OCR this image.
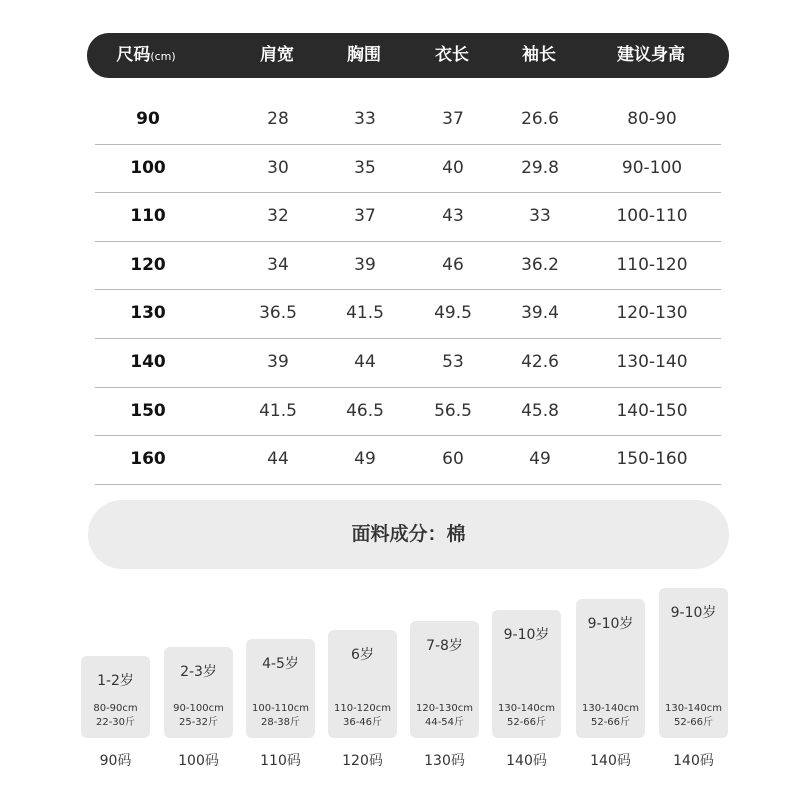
尺码(cm)	肩宽	胸围	衣长	袖长	建议身高
90	28	33	37	26.6	80-90
100	30	35	40	29.8	90-100
110	32	37	43	33	100-110
120	34	39	46	36.2	110-120
130	36.5	41.5	49.5	39.4	120-130
140	39	44	53	42.6	130-140
150	41.5	46.5	56.5	45.8	140-150
160	44	49	60	49	150-160
面料成分：棉
1-2岁
80-90cm
22-30斤
90码
2-3岁
90-100cm
25-32斤
100码
4-5岁
100-110cm
28-38斤
110码
6岁
110-120cm
36-46斤
120码
7-8岁
120-130cm
44-54斤
130码
9-10岁
130-140cm
52-66斤
140码
9-10岁
130-140cm
52-66斤
140码
9-10岁
130-140cm
52-66斤
140码
